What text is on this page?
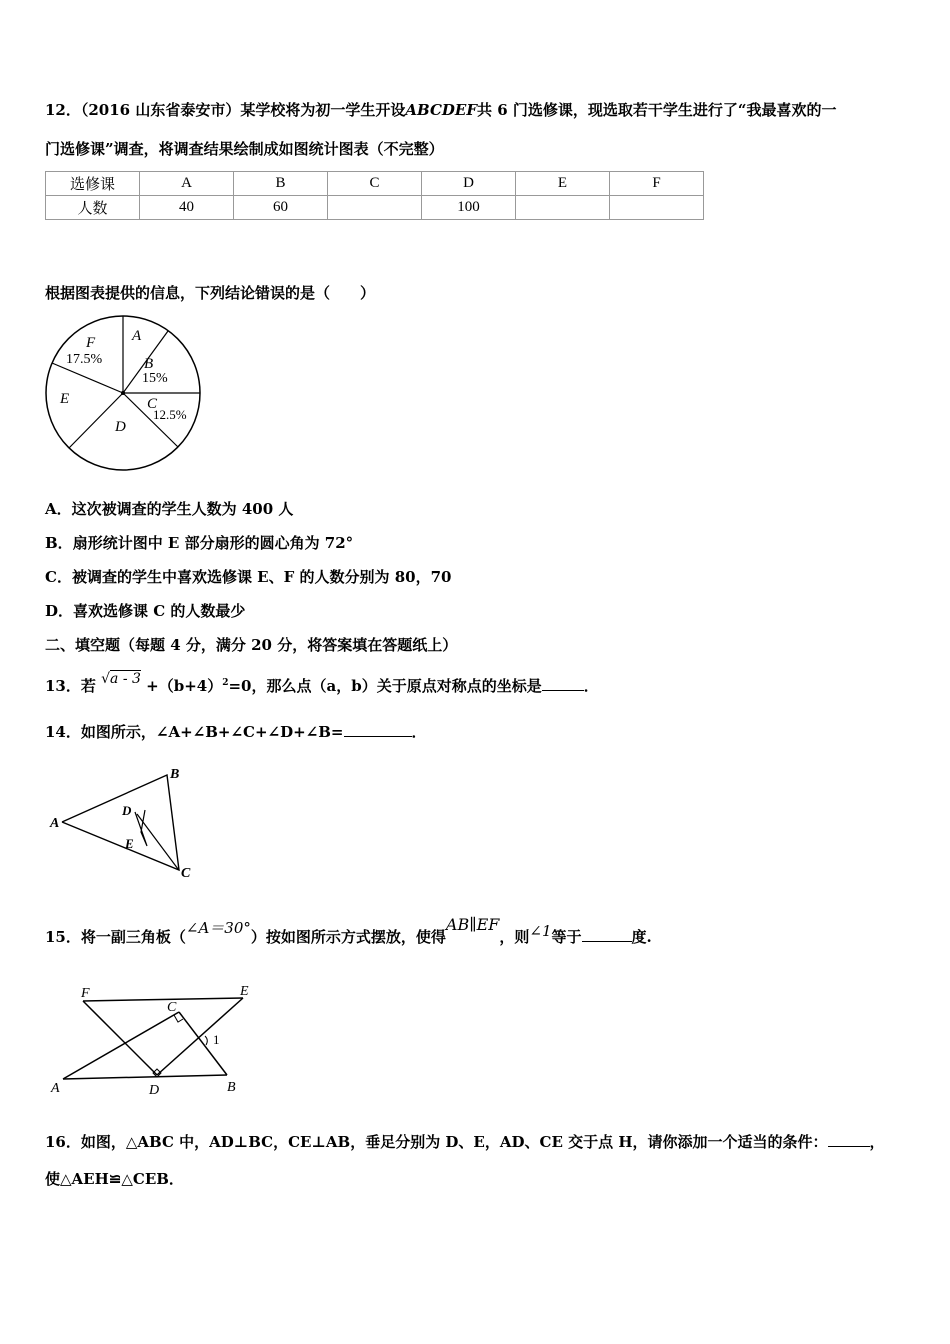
12．（2016 山东省泰安市）某学校将为初一学生开设ABCDEF共 6 门选修课，现选取若干学生进行了“我最喜欢的一
门选修课”调查，将调查结果绘制成如图统计图表（不完整）
选修课	A	B	C	D	E	F
人数	40	60		100		
根据图表提供的信息，下列结论错误的是（　　）
A
B
15%
C
12.5%
D
E
F
17.5%
A．这次被调查的学生人数为 400 人
B．扇形统计图中 E 部分扇形的圆心角为 72°
C．被调查的学生中喜欢选修课 E、F 的人数分别为 80，70
D．喜欢选修课 C 的人数最少
二、填空题（每题 4 分，满分 20 分，将答案填在答题纸上）
13．若 $√a - 3 +(b+4)^2=0$，那么点（a，b）关于原点对称点的坐标是	．
14．如图所示，∠A+∠B+∠C+∠D+∠B=	．
A
B
C
D
E
15．将一副三角板（∠A＝30°）按如图所示方式摆放，使得AB∥EF，则∠1等于	度.
F	E
C
A	D	B
1
16．如图，△ABC 中，AD⊥BC，CE⊥AB，垂足分别为 D、E，AD、CE 交于点 H，请你添加一个适当的条件：	，
使△AEH≌△CEB．
